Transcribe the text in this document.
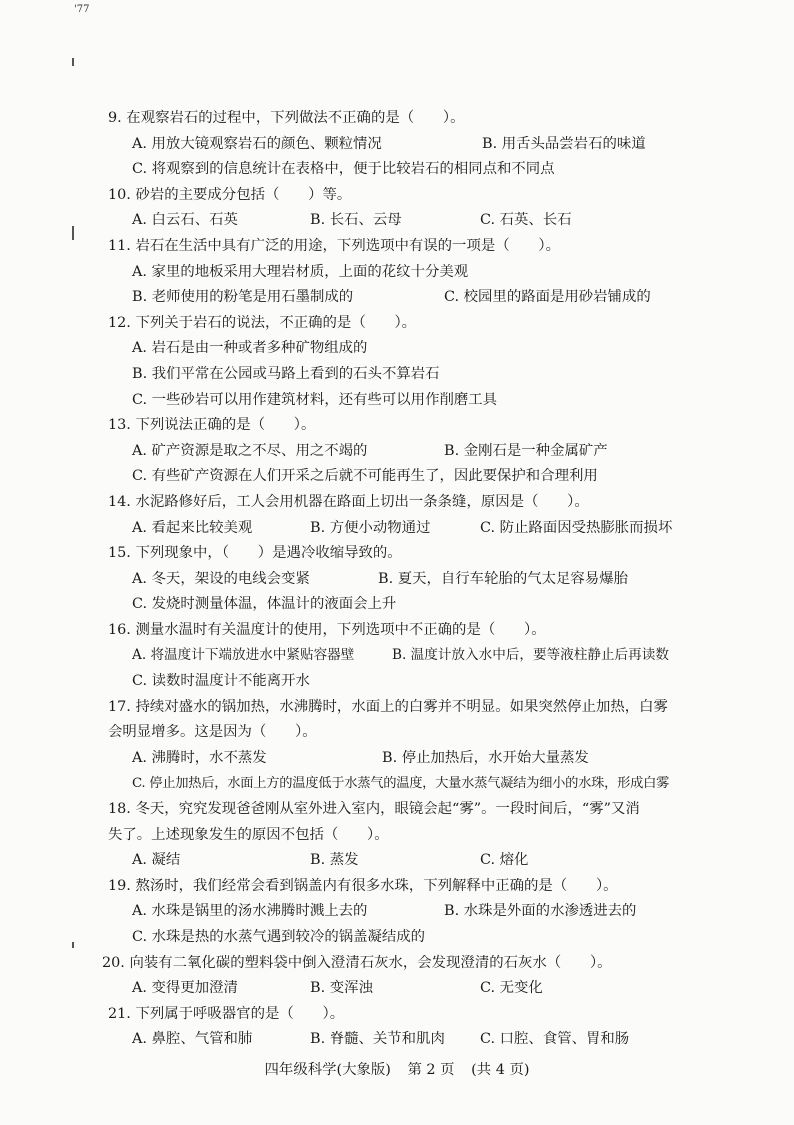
'77
9. 在观察岩石的过程中，下列做法不正确的是（　　）。
A. 用放大镜观察岩石的颜色、颗粒情况	B. 用舌头品尝岩石的味道
C. 将观察到的信息统计在表格中，便于比较岩石的相同点和不同点
10. 砂岩的主要成分包括（　　）等。
A. 白云石、石英	B. 长石、云母	C. 石英、长石
11. 岩石在生活中具有广泛的用途，下列选项中有误的一项是（　　）。
A. 家里的地板采用大理岩材质，上面的花纹十分美观
B. 老师使用的粉笔是用石墨制成的	C. 校园里的路面是用砂岩铺成的
12. 下列关于岩石的说法，不正确的是（　　）。
A. 岩石是由一种或者多种矿物组成的
B. 我们平常在公园或马路上看到的石头不算岩石
C. 一些砂岩可以用作建筑材料，还有些可以用作削磨工具
13. 下列说法正确的是（　　）。
A. 矿产资源是取之不尽、用之不竭的	B. 金刚石是一种金属矿产
C. 有些矿产资源在人们开采之后就不可能再生了，因此要保护和合理利用
14. 水泥路修好后，工人会用机器在路面上切出一条条缝，原因是（　　）。
A. 看起来比较美观	B. 方便小动物通过	C. 防止路面因受热膨胀而损坏
15. 下列现象中，（　　）是遇冷收缩导致的。
A. 冬天，架设的电线会变紧	B. 夏天，自行车轮胎的气太足容易爆胎
C. 发烧时测量体温，体温计的液面会上升
16. 测量水温时有关温度计的使用，下列选项中不正确的是（　　）。
A. 将温度计下端放进水中紧贴容器壁	B. 温度计放入水中后，要等液柱静止后再读数
C. 读数时温度计不能离开水
17. 持续对盛水的锅加热，水沸腾时，水面上的白雾并不明显。如果突然停止加热，白雾
会明显增多。这是因为（　　）。
A. 沸腾时，水不蒸发	B. 停止加热后，水开始大量蒸发
C. 停止加热后，水面上方的温度低于水蒸气的温度，大量水蒸气凝结为细小的水珠，形成白雾
18. 冬天，究究发现爸爸刚从室外进入室内，眼镜会起“雾”。一段时间后，“雾”又消
失了。上述现象发生的原因不包括（　　）。
A. 凝结	B. 蒸发	C. 熔化
19. 熬汤时，我们经常会看到锅盖内有很多水珠，下列解释中正确的是（　　）。
A. 水珠是锅里的汤水沸腾时溅上去的	B. 水珠是外面的水渗透进去的
C. 水珠是热的水蒸气遇到较冷的锅盖凝结成的
20. 向装有二氧化碳的塑料袋中倒入澄清石灰水，会发现澄清的石灰水（　　）。
A. 变得更加澄清	B. 变浑浊	C. 无变化
21. 下列属于呼吸器官的是（　　）。
A. 鼻腔、气管和肺	B. 脊髓、关节和肌肉 C. 口腔、食管、胃和肠
四年级科学(大象版) 第 2 页 (共 4 页)
